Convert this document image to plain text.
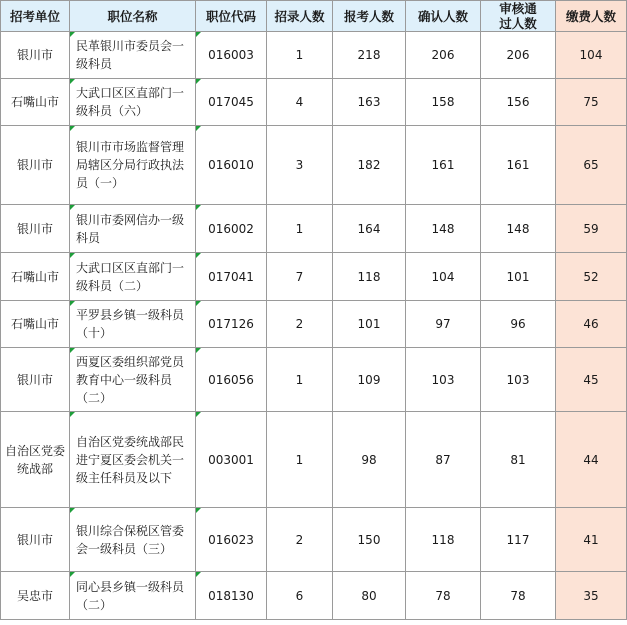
招考单位	职位名称	职位代码	招录人数	报考人数	确认人数	审核通过人数	缴费人数
银川市	民革银川市委员会一级科员	016003	1	218	206	206	104
石嘴山市	大武口区区直部门一级科员（六）	017045	4	163	158	156	75
银川市	银川市市场监督管理局辖区分局行政执法员（一）	016010	3	182	161	161	65
银川市	银川市委网信办一级科员	016002	1	164	148	148	59
石嘴山市	大武口区区直部门一级科员（二）	017041	7	118	104	101	52
石嘴山市	平罗县乡镇一级科员（十）	017126	2	101	97	96	46
银川市	西夏区委组织部党员教育中心一级科员（二）	016056	1	109	103	103	45
自治区党委统战部	自治区党委统战部民进宁夏区委会机关一级主任科员及以下	003001	1	98	87	81	44
银川市	银川综合保税区管委会一级科员（三）	016023	2	150	118	117	41
吴忠市	同心县乡镇一级科员（二）	018130	6	80	78	78	35
